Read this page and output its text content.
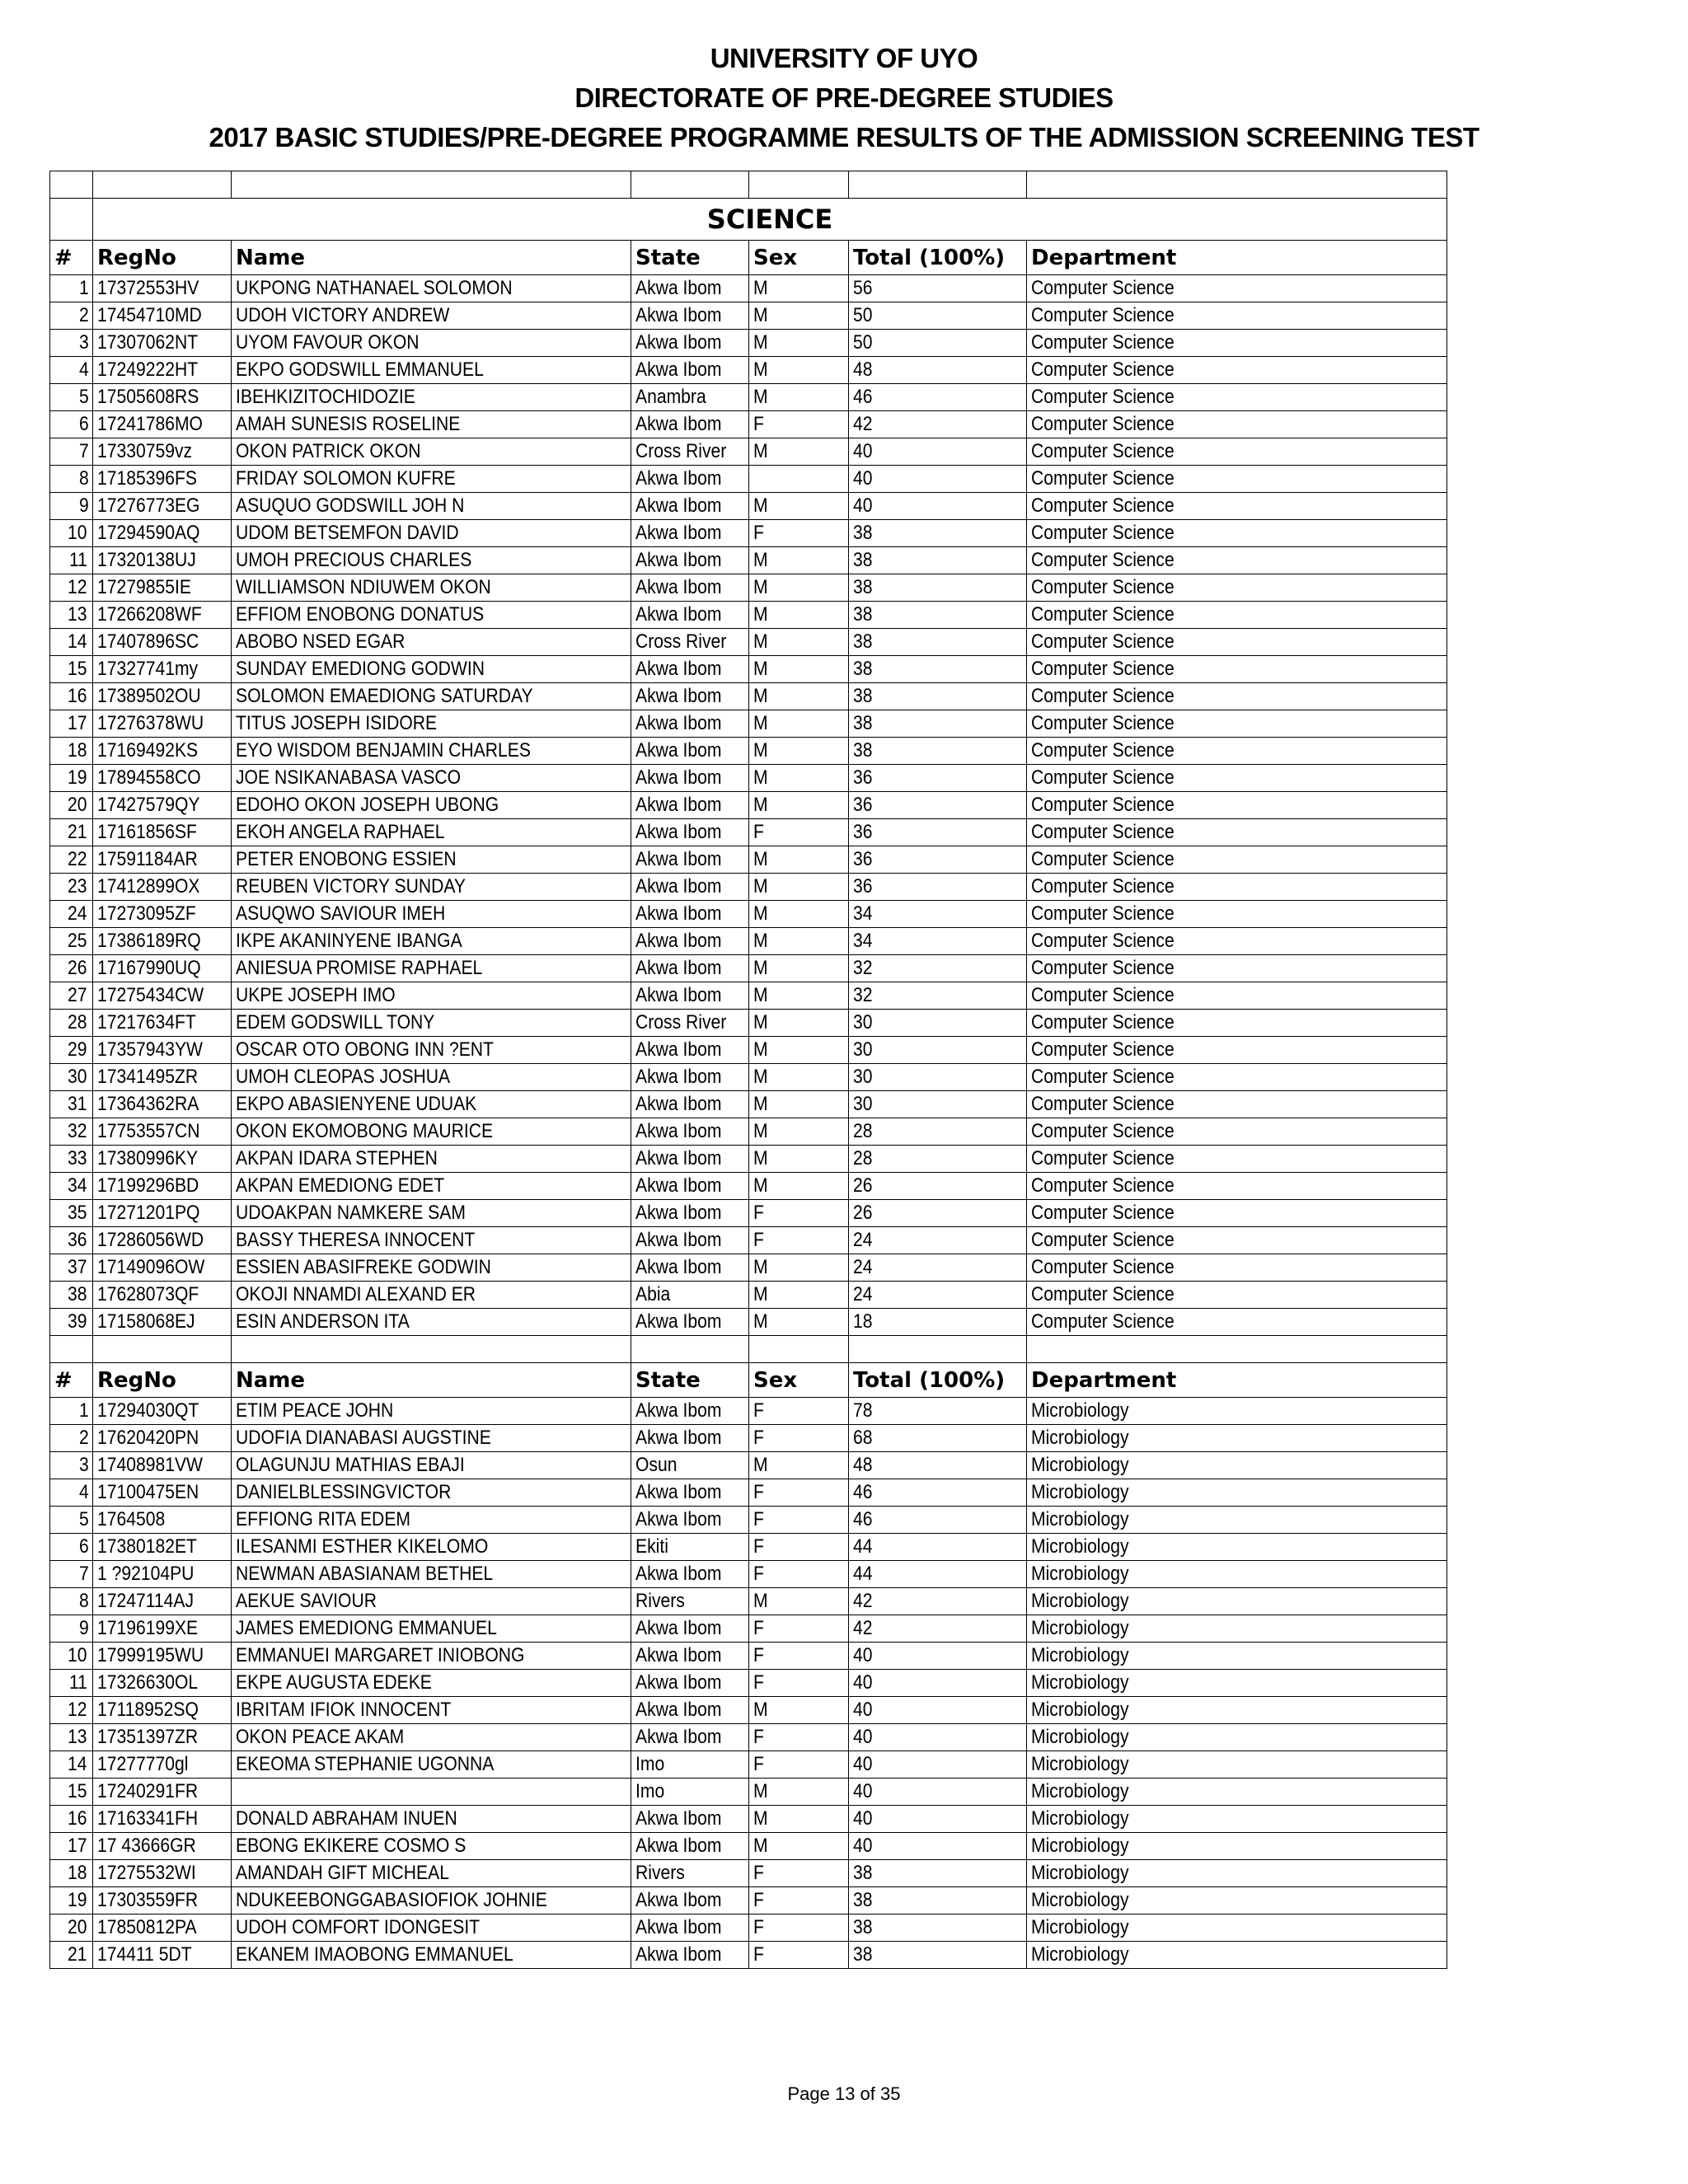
UNIVERSITY OF UYO
DIRECTORATE OF PRE-DEGREE STUDIES
2017 BASIC STUDIES/PRE-DEGREE PROGRAMME RESULTS OF THE ADMISSION SCREENING TEST

	SCIENCE					
#	RegNo	Name	State	Sex	Total (100%)	Department
1	17372553HV	UKPONG NATHANAEL SOLOMON	Akwa Ibom	M	56	Computer Science
2	17454710MD	UDOH VICTORY ANDREW	Akwa Ibom	M	50	Computer Science
3	17307062NT	UYOM FAVOUR OKON	Akwa Ibom	M	50	Computer Science
4	17249222HT	EKPO GODSWILL EMMANUEL	Akwa Ibom	M	48	Computer Science
5	17505608RS	IBEHKIZITOCHIDOZIE	Anambra	M	46	Computer Science
6	17241786MO	AMAH SUNESIS ROSELINE	Akwa Ibom	F	42	Computer Science
7	17330759vz	OKON PATRICK OKON	Cross River	M	40	Computer Science
8	17185396FS	FRIDAY SOLOMON KUFRE	Akwa Ibom		40	Computer Science
9	17276773EG	ASUQUO GODSWILL JOH N	Akwa Ibom	M	40	Computer Science
10	17294590AQ	UDOM BETSEMFON DAVID	Akwa Ibom	F	38	Computer Science
11	17320138UJ	UMOH PRECIOUS CHARLES	Akwa Ibom	M	38	Computer Science
12	17279855IE	WILLIAMSON NDIUWEM OKON	Akwa Ibom	M	38	Computer Science
13	17266208WF	EFFIOM ENOBONG DONATUS	Akwa Ibom	M	38	Computer Science
14	17407896SC	ABOBO NSED EGAR	Cross River	M	38	Computer Science
15	17327741my	SUNDAY EMEDIONG GODWIN	Akwa Ibom	M	38	Computer Science
16	17389502OU	SOLOMON EMAEDIONG SATURDAY	Akwa Ibom	M	38	Computer Science
17	17276378WU	TITUS JOSEPH ISIDORE	Akwa Ibom	M	38	Computer Science
18	17169492KS	EYO WISDOM BENJAMIN CHARLES	Akwa Ibom	M	38	Computer Science
19	17894558CO	JOE NSIKANABASA VASCO	Akwa Ibom	M	36	Computer Science
20	17427579QY	EDOHO OKON JOSEPH UBONG	Akwa Ibom	M	36	Computer Science
21	17161856SF	EKOH ANGELA RAPHAEL	Akwa Ibom	F	36	Computer Science
22	17591184AR	PETER ENOBONG ESSIEN	Akwa Ibom	M	36	Computer Science
23	17412899OX	REUBEN VICTORY SUNDAY	Akwa Ibom	M	36	Computer Science
24	17273095ZF	ASUQWO SAVIOUR IMEH	Akwa Ibom	M	34	Computer Science
25	17386189RQ	IKPE AKANINYENE IBANGA	Akwa Ibom	M	34	Computer Science
26	17167990UQ	ANIESUA PROMISE RAPHAEL	Akwa Ibom	M	32	Computer Science
27	17275434CW	UKPE JOSEPH IMO	Akwa Ibom	M	32	Computer Science
28	17217634FT	EDEM GODSWILL TONY	Cross River	M	30	Computer Science
29	17357943YW	OSCAR OTO OBONG INN ?ENT	Akwa Ibom	M	30	Computer Science
30	17341495ZR	UMOH CLEOPAS JOSHUA	Akwa Ibom	M	30	Computer Science
31	17364362RA	EKPO ABASIENYENE UDUAK	Akwa Ibom	M	30	Computer Science
32	17753557CN	OKON EKOMOBONG MAURICE	Akwa Ibom	M	28	Computer Science
33	17380996KY	AKPAN IDARA STEPHEN	Akwa Ibom	M	28	Computer Science
34	17199296BD	AKPAN EMEDIONG EDET	Akwa Ibom	M	26	Computer Science
35	17271201PQ	UDOAKPAN NAMKERE SAM	Akwa Ibom	F	26	Computer Science
36	17286056WD	BASSY THERESA INNOCENT	Akwa Ibom	F	24	Computer Science
37	17149096OW	ESSIEN ABASIFREKE GODWIN	Akwa Ibom	M	24	Computer Science
38	17628073QF	OKOJI NNAMDI ALEXAND ER	Abia	M	24	Computer Science
39	17158068EJ	ESIN ANDERSON ITA	Akwa Ibom	M	18	Computer Science

#	RegNo	Name	State	Sex	Total (100%)	Department
1	17294030QT	ETIM PEACE JOHN	Akwa Ibom	F	78	Microbiology
2	17620420PN	UDOFIA DIANABASI AUGSTINE	Akwa Ibom	F	68	Microbiology
3	17408981VW	OLAGUNJU MATHIAS EBAJI	Osun	M	48	Microbiology
4	17100475EN	DANIELBLESSINGVICTOR	Akwa Ibom	F	46	Microbiology
5	1764508	EFFIONG RITA EDEM	Akwa Ibom	F	46	Microbiology
6	17380182ET	ILESANMI ESTHER KIKELOMO	Ekiti	F	44	Microbiology
7	1 ?92104PU	NEWMAN ABASIANAM BETHEL	Akwa Ibom	F	44	Microbiology
8	17247114AJ	AEKUE SAVIOUR	Rivers	M	42	Microbiology
9	17196199XE	JAMES EMEDIONG EMMANUEL	Akwa Ibom	F	42	Microbiology
10	17999195WU	EMMANUEI MARGARET INIOBONG	Akwa Ibom	F	40	Microbiology
11	17326630OL	EKPE AUGUSTA EDEKE	Akwa Ibom	F	40	Microbiology
12	17118952SQ	IBRITAM IFIOK INNOCENT	Akwa Ibom	M	40	Microbiology
13	17351397ZR	OKON PEACE AKAM	Akwa Ibom	F	40	Microbiology
14	17277770gl	EKEOMA STEPHANIE UGONNA	Imo	F	40	Microbiology
15	17240291FR		Imo	M	40	Microbiology
16	17163341FH	DONALD ABRAHAM INUEN	Akwa Ibom	M	40	Microbiology
17	17 43666GR	EBONG EKIKERE COSMO S	Akwa Ibom	M	40	Microbiology
18	17275532WI	AMANDAH GIFT MICHEAL	Rivers	F	38	Microbiology
19	17303559FR	NDUKEEBONGGABASIOFIOK JOHNIE	Akwa Ibom	F	38	Microbiology
20	17850812PA	UDOH COMFORT IDONGESIT	Akwa Ibom	F	38	Microbiology
21	174411 5DT	EKANEM IMAOBONG EMMANUEL	Akwa Ibom	F	38	Microbiology
Page 13 of 35
